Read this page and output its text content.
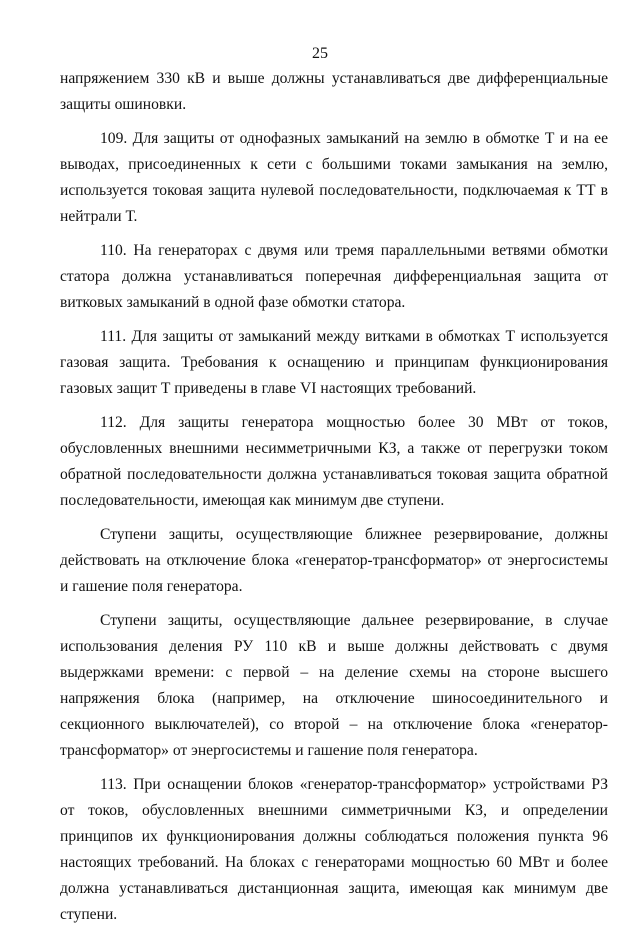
25

напряжением 330 кВ и выше должны устанавливаться две дифференциальные защиты ошиновки.

109. Для защиты от однофазных замыканий на землю в обмотке Т и на ее выводах, присоединенных к сети с большими токами замыкания на землю, используется токовая защита нулевой последовательности, подключаемая к ТТ в нейтрали Т.

110. На генераторах с двумя или тремя параллельными ветвями обмотки статора должна устанавливаться поперечная дифференциальная защита от витковых замыканий в одной фазе обмотки статора.

111. Для защиты от замыканий между витками в обмотках Т используется газовая защита. Требования к оснащению и принципам функционирования газовых защит Т приведены в главе VI настоящих требований.

112. Для защиты генератора мощностью более 30 МВт от токов, обусловленных внешними несимметричными КЗ, а также от перегрузки током обратной последовательности должна устанавливаться токовая защита обратной последовательности, имеющая как минимум две ступени.

Ступени защиты, осуществляющие ближнее резервирование, должны действовать на отключение блока «генератор-трансформатор» от энергосистемы и гашение поля генератора.

Ступени защиты, осуществляющие дальнее резервирование, в случае использования деления РУ 110 кВ и выше должны действовать с двумя выдержками времени: с первой – на деление схемы на стороне высшего напряжения блока (например, на отключение шиносоединительного и секционного выключателей), со второй – на отключение блока «генератор-трансформатор» от энергосистемы и гашение поля генератора.

113. При оснащении блоков «генератор-трансформатор» устройствами РЗ от токов, обусловленных внешними симметричными КЗ, и определении принципов их функционирования должны соблюдаться положения пункта 96 настоящих требований. На блоках с генераторами мощностью 60 МВт и более должна устанавливаться дистанционная защита, имеющая как минимум две ступени.
